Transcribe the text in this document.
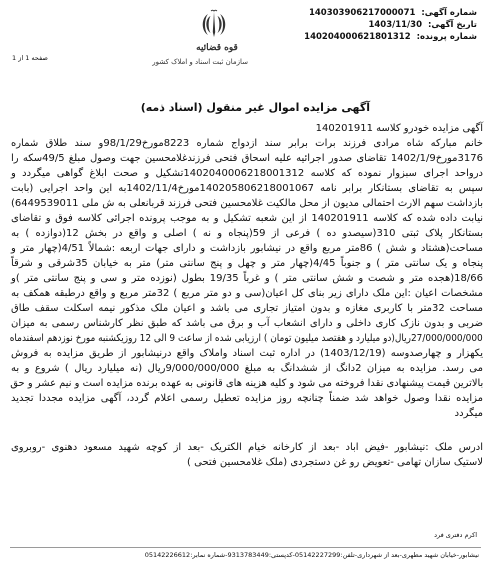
شماره آگهی: 140303906217000071
تاریخ آگهی: 1403/11/30
شماره پرونده: 140204000621801312
قوه قضائیه
سازمان ثبت اسناد و املاک کشور
صفحه 1 از 1
آگهی مزایده اموال غیر منقول (اسناد ذمه)
آگهی مزایده خودرو کلاسه 140201911
خانم مبارکه شاه مرادی فرزند برات برابر سند ازدواج شماره 8223مورخ98/1/29و سند طلاق شماره
3176مورخ1402/1/9 تقاضای صدور اجرائیه علیه اسحاق فتحی فرزندغلامحسین جهت وصول مبلغ 49/5سکه را
درواحد اجرای سبزوار نموده که کلاسه 1402040006218001312تشکیل و صحت ابلاغ گواهی میگردد و
سپس به تقاضای بستانکار برابر نامه 140205806218001067مورخ1402/11/4به این واحد اجرایی (بابت
بازداشت سهم الارث احتمالی مدیون از محل مالکیت غلامحسین فتحی فرزند قربانعلی به ش ملی 6449539011)
نیابت داده شده که کلاسه 140201911 از این شعبه تشکیل و به موجب پرونده اجرائی کلاسه فوق و تقاضای
بستانکار پلاک ثبتی 310(سیصدو ده ) فرعی از 59(پنجاه و نه ) اصلی و واقع در بخش 12(دوازده ) به
مساحت(هشتاد و شش ) 86متر مربع واقع در نیشابور بازداشت و دارای جهات اربعه :شمالاً 4/51(چهار متر و
پنجاه و یک سانتی متر ) و جنوباً 4/45(چهار متر و چهل و پنج سانتی متر) متر به خیابان 35شرقی و شرقاً
18/66(هجده متر و شصت و شش سانتی متر ) و غرباً 19/35 بطول (نوزده متر و سی و پنج سانتی متر )و
مشخصات اعیان :این ملک دارای زیر بنای کل اعیان(سی و دو متر مربع ) 32متر مربع و واقع درطبقه همکف به
مساحت 32متر با کاربری مغازه و بدون امتیاز تجاری می باشد و اعیان ملک مذکور نیمه اسکلت سقف طاق
ضربی و بدون نازک کاری داخلی و دارای انشعاب آب و برق می باشد که طبق نظر کارشناس رسمی به میزان
27/000/000/000ریال(دو میلیارد و هفتصد میلیون تومان ) ارزیابی شده از ساعت 9 الی 12 روزیکشنبه مورخ نوزدهم اسفندماه
یکهزار و چهارصدوسه (1403/12/19) در اداره ثبت اسناد واملاک واقع درنیشابور از طریق مزایده به فروش
می رسد. مزایده به میزان 2دانگ از ششدانگ به مبلغ 9/000/000/000ریال (نه میلیارد ریال ) شروع و به
بالاترین قیمت پیشنهادی نقدا فروخته می شود و کلیه هزینه های قانونی به عهده برنده مزایده است و نیم عشر و حق
مزایده نقدا وصول خواهد شد ضمناً چنانچه روز مزایده تعطیل رسمی اعلام گردد، آگهی مزایده مجددا تجدید
میگردد
ادرس ملک :نیشابور -فیض اباد -بعد از کارخانه خیام الکتریک -بعد از کوچه شهید مسعود دهنوی -روبروی
لاستیک سازان تهامی -تعویض رو غن دستجردی (ملک غلامحسین فتحی )
اکرم دفتری فرد
نیشابور-خیابان شهید مطهری-بعد از شهرداری-تلفن:05142227299-کدپستی:9313783449-شماره نمابر:05142226612
